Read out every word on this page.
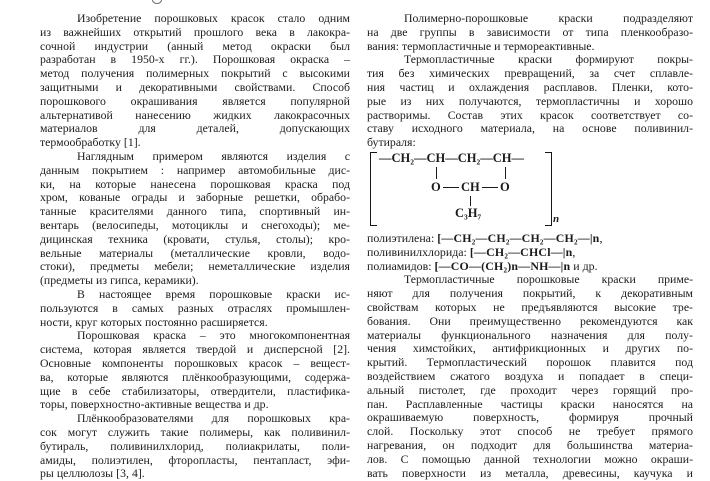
Изобретение порошковых красок стало одним
из важнейших открытий прошлого века в лакокра-
сочной индустрии (анный метод окраски был
разработан в 1950-х гг.). Порошковая окраска –
метод получения полимерных покрытий с высокими
защитными и декоративными свойствами. Способ
порошкового окрашивания является популярной
альтернативой нанесению жидких лакокрасочных
материалов для деталей, допускающих
термообработку [1].
Наглядным примером являются изделия с
данным покрытием : например автомобильные дис-
ки, на которые нанесена порошковая краска под
хром, кованые ограды и заборные решетки, обрабо-
танные красителями данного типа, спортивный ин-
вентарь (велосипеды, мотоциклы и снегоходы); ме-
дицинская техника (кровати, стулья, столы); кро-
вельные материалы (металлические кровли, водо-
стоки), предметы мебели; неметаллические изделия
(предметы из гипса, керамики).
В настоящее время порошковые краски ис-
пользуются в самых разных отраслях промышлен-
ности, круг которых постоянно расширяется.
Порошковая краска – это многокомпонентная
система, которая является твердой и дисперсной [2].
Основные компоненты порошковых красок – вещест-
ва, которые являются плёнкообразующими, содержа-
щие в себе стабилизаторы, отвердители, пластифика-
торы, поверхностно-активные вещества и др.
Плёнкообразователями для порошковых кра-
сок могут служить такие полимеры, как поливинил-
бутираль, поливинилхлорид, полиакрилаты, поли-
амиды, полиэтилен, фторопласты, пентапласт, эфи-
ры целлюлозы [3, 4].
Полимерно-порошковые краски подразделяют
на две группы в зависимости от типа пленкообразо-
вания: термопластичные и термореактивные.
Термопластичные краски формируют покры-
тия без химических превращений, за счет сплавле-
ния частиц и охлаждения расплавов. Пленки, кото-
рые из них получаются, термопластичны и хорошо
растворимы. Состав этих красок соответствует со-
ставу исходного материала, на основе поливинил-
бутираля:
—CH₂—CH—CH₂—CH—
O CH O
C₃H₇	n
полиэтилена: [—CH₂—CH₂—CH₂—CH₂—|n,
поливинилхлорида: [—CH₂—CHCl—|n,
полиамидов: [—CO—(CH₂)n—NH—|n и др.
Термопластичные порошковые краски приме-
няют для получения покрытий, к декоративным
свойствам которых не предъявляются высокие тре-
бования. Они преимущественно рекомендуются как
материалы функционального назначения для полу-
чения химстойких, антифрикционных и других по-
крытий. Термопластический порошок плавится под
воздействием сжатого воздуха и попадает в специ-
альный пистолет, где проходит через горящий про-
пан. Расплавленные частицы краски наносятся на
окрашиваемую поверхность, формируя прочный
слой. Поскольку этот способ не требует прямого
нагревания, он подходит для большинства материа-
лов. С помощью данной технологии можно окраши-
вать поверхности из металла, древесины, каучука и
